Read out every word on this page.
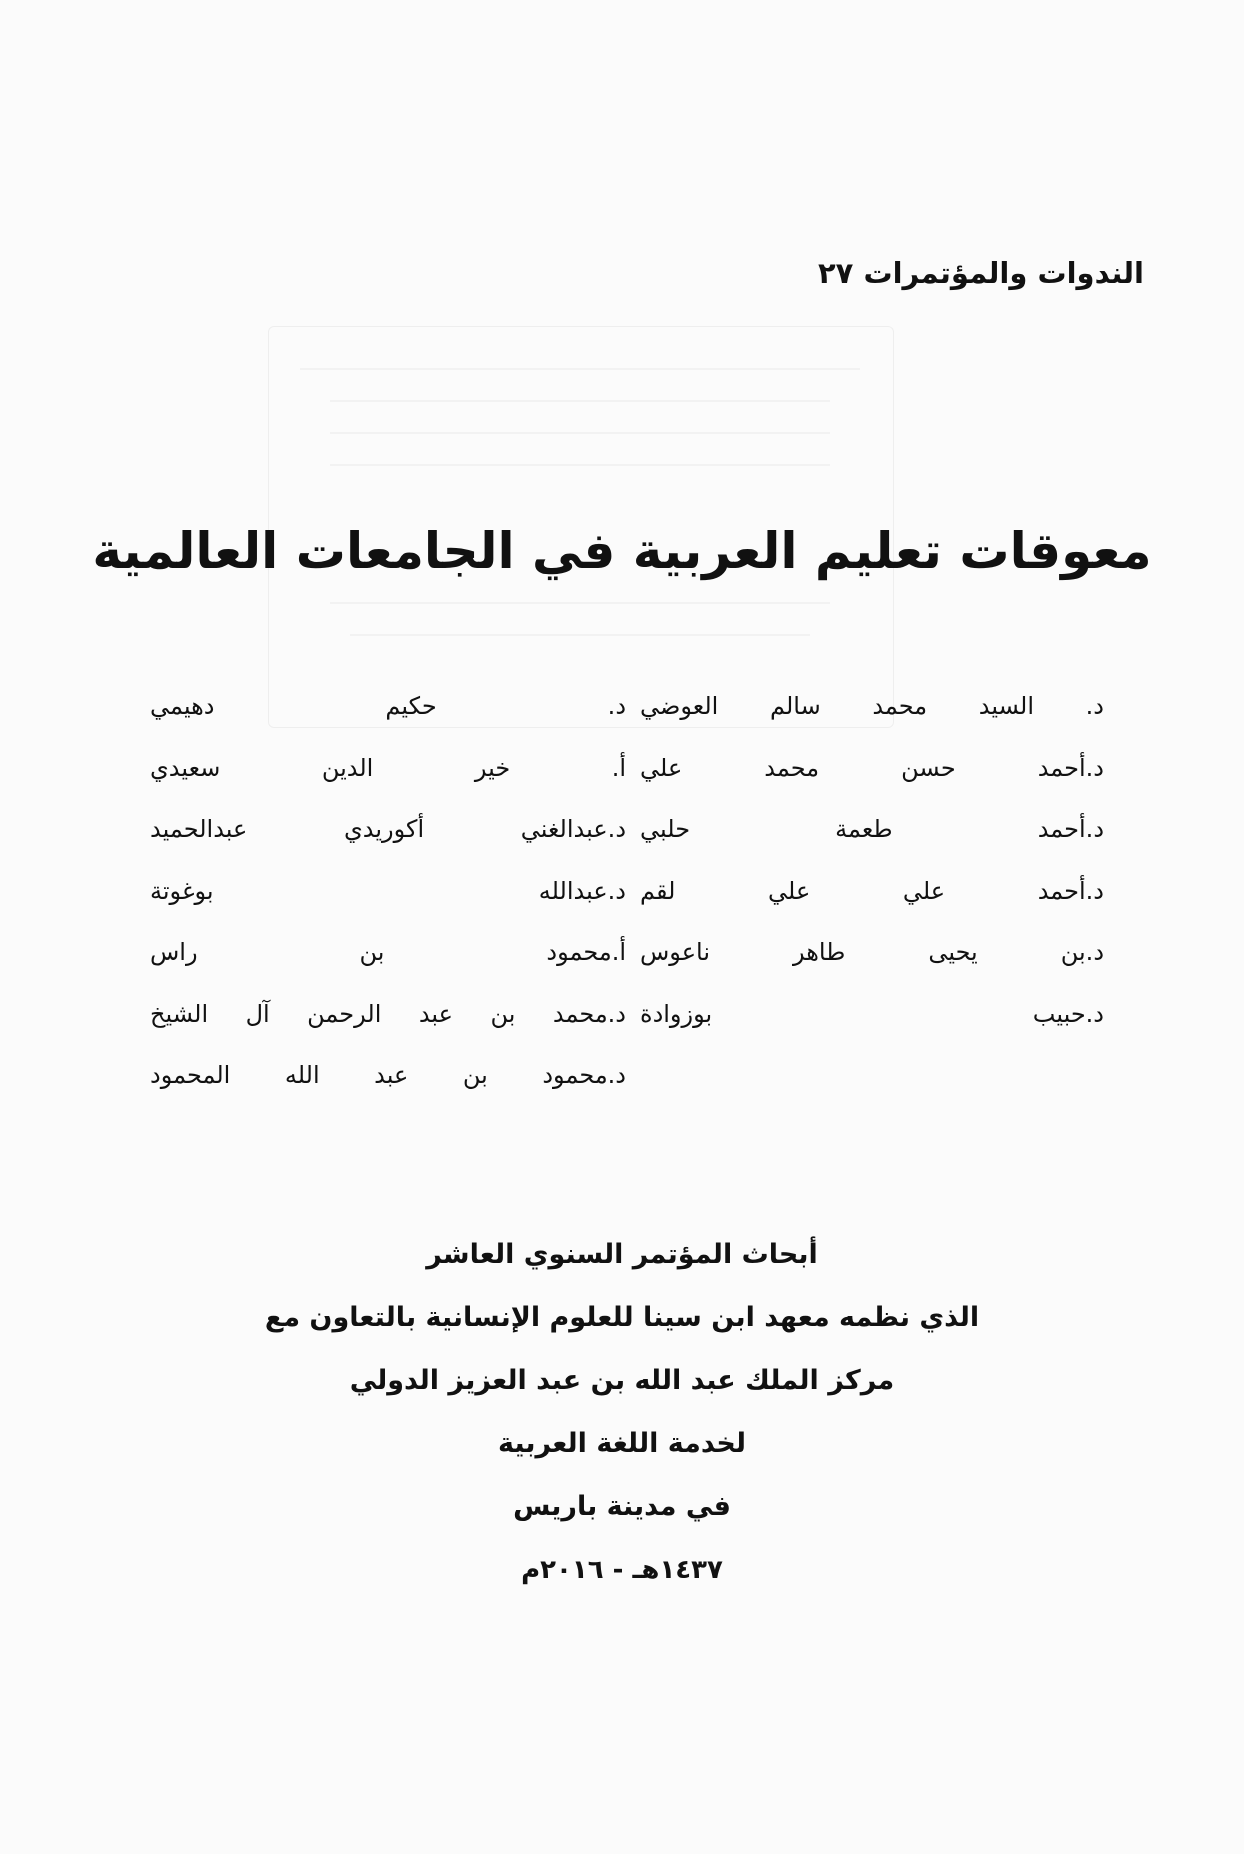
الندوات والمؤتمرات ٢٧
معوقات تعليم العربية في الجامعات العالمية
د. السيد محمد سالم العوضي
د.أحمد حسن محمد علي
د.أحمد طعمة حلبي
د.أحمد علي علي لقم
د.بن يحيى طاهر ناعوس
د.حبيب بوزوادة
د. حكيم دهيمي
أ. خير الدين سعيدي
د.عبدالغني أكوريدي عبدالحميد
د.عبدالله بوغوتة
أ.محمود بن راس
د.محمد بن عبد الرحمن آل الشيخ
د.محمود بن عبد الله المحمود
أبحاث المؤتمر السنوي العاشر
الذي نظمه معهد ابن سينا للعلوم الإنسانية بالتعاون مع
مركز الملك عبد الله بن عبد العزيز الدولي
لخدمة اللغة العربية
في مدينة باريس
١٤٣٧هـ - ٢٠١٦م
